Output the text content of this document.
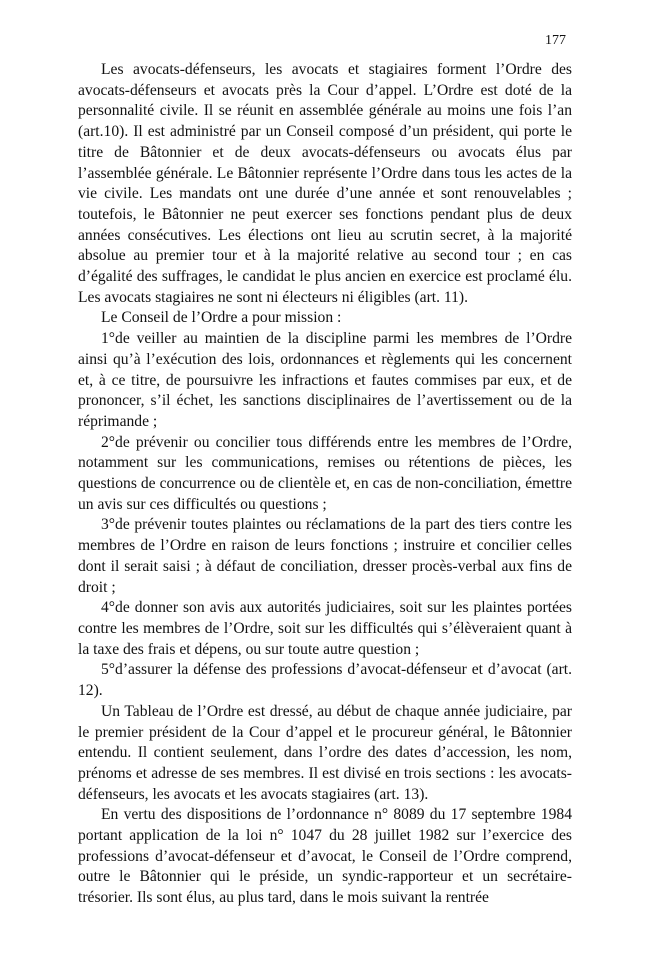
177

Les avocats-défenseurs, les avocats et stagiaires forment l’Ordre des avocats-défenseurs et avocats près la Cour d’appel. L’Ordre est doté de la personnalité civile. Il se réunit en assemblée générale au moins une fois l’an (art.10). Il est administré par un Conseil composé d’un président, qui porte le titre de Bâtonnier et de deux avocats-défenseurs ou avocats élus par l’assemblée générale. Le Bâtonnier représente l’Ordre dans tous les actes de la vie civile. Les mandats ont une durée d’une année et sont renouvelables ; toutefois, le Bâtonnier ne peut exercer ses fonctions pendant plus de deux années consécutives. Les élections ont lieu au scrutin secret, à la majorité absolue au premier tour et à la majorité relative au second tour ; en cas d’égalité des suffrages, le candidat le plus ancien en exercice est proclamé élu. Les avocats stagiaires ne sont ni électeurs ni éligibles (art. 11).

Le Conseil de l’Ordre a pour mission :

1°de veiller au maintien de la discipline parmi les membres de l’Ordre ainsi qu’à l’exécution des lois, ordonnances et règlements qui les concernent et, à ce titre, de poursuivre les infractions et fautes commises par eux, et de prononcer, s’il échet, les sanctions disciplinaires de l’avertissement ou de la réprimande ;

2°de prévenir ou concilier tous différends entre les membres de l’Ordre, notamment sur les communications, remises ou rétentions de pièces, les questions de concurrence ou de clientèle et, en cas de non-conciliation, émettre un avis sur ces difficultés ou questions ;

3°de prévenir toutes plaintes ou réclamations de la part des tiers contre les membres de l’Ordre en raison de leurs fonctions ; instruire et concilier celles dont il serait saisi ; à défaut de conciliation, dresser procès-verbal aux fins de droit ;

4°de donner son avis aux autorités judiciaires, soit sur les plaintes portées contre les membres de l’Ordre, soit sur les difficultés qui s’élèveraient quant à la taxe des frais et dépens, ou sur toute autre question ;

5°d’assurer la défense des professions d’avocat-défenseur et d’avocat (art. 12).

Un Tableau de l’Ordre est dressé, au début de chaque année judiciaire, par le premier président de la Cour d’appel et le procureur général, le Bâtonnier entendu. Il contient seulement, dans l’ordre des dates d’accession, les nom, prénoms et adresse de ses membres. Il est divisé en trois sections : les avocats-défenseurs, les avocats et les avocats stagiaires (art. 13).

En vertu des dispositions de l’ordonnance n° 8089 du 17 septembre 1984 portant application de la loi n° 1047 du 28 juillet 1982 sur l’exercice des professions d’avocat-défenseur et d’avocat, le Conseil de l’Ordre comprend, outre le Bâtonnier qui le préside, un syndic-rapporteur et un secrétaire-trésorier. Ils sont élus, au plus tard, dans le mois suivant la rentrée
